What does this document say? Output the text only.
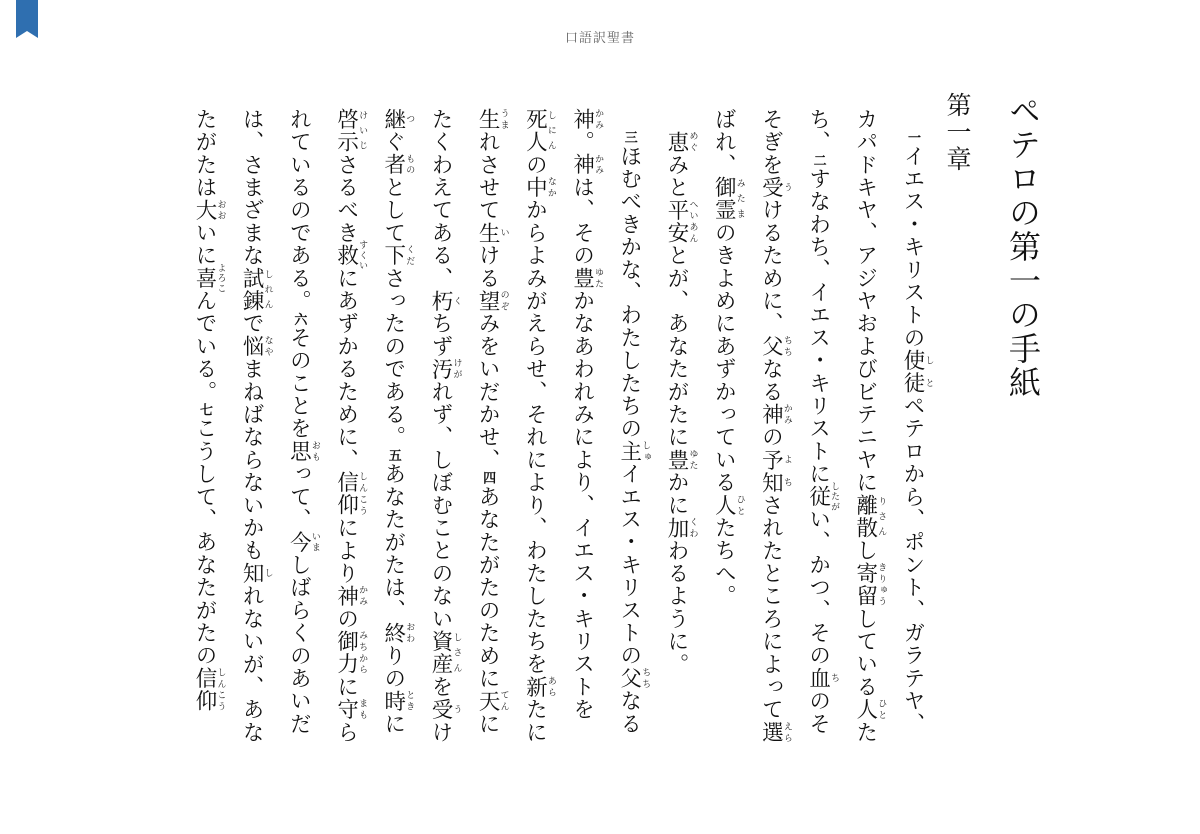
口語訳聖書
ペテロの第一の手紙
第一章

　一イエス・キリストの使徒しとペテロから、ポント、ガラテヤ、カパドキヤ、アジヤおよびビテニヤに離散りさんし寄留きりゅうしている人ひとたち、二すなわち、イエス・キリストに従したがい、かつ、その血ちのそそぎを受うけるために、父ちちなる神かみの予知よちされたところによって選えらばれ、御霊みたまのきよめにあずかっている人ひとたちへ。
　恵めぐみと平安へいあんとが、あなたがたに豊ゆたかに加くわわるように。
　三ほむべきかな、わたしたちの主しゅイエス・キリストの父ちちなる神かみ。神かみは、その豊ゆたかなあわれみにより、イエス・キリストを死人しにんの中なかからよみがえらせ、それにより、わたしたちを新あらたに生うまれさせて生いける望のぞみをいだかせ、四あなたがたのために天てんにたくわえてある、朽くちず汚けがれず、しぼむことのない資産しさんを受うけ継つぐ者ものとして下くださったのである。五あなたがたは、終おわりの時ときに啓示けいじさるべき救すくいにあずかるために、信仰しんこうにより神かみの御力みちからに守まもられているのである。六そのことを思おもって、今いましばらくのあいだは、さまざまな試錬しれんで悩なやまねばならないかも知しれないが、あなたがたは大おおいに喜よろこんでいる。七こうして、あなたがたの信仰しんこう
